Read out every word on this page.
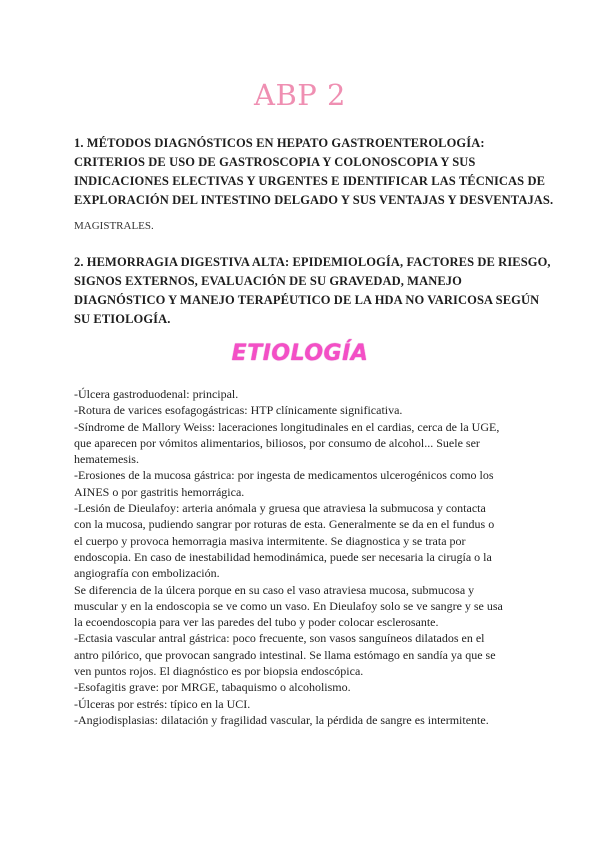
ABP 2

1. MÉTODOS DIAGNÓSTICOS EN HEPATO GASTROENTEROLOGÍA:

CRITERIOS DE USO DE GASTROSCOPIA Y COLONOSCOPIA Y SUS

INDICACIONES ELECTIVAS Y URGENTES E IDENTIFICAR LAS TÉCNICAS DE

EXPLORACIÓN DEL INTESTINO DELGADO Y SUS VENTAJAS Y DESVENTAJAS.

MAGISTRALES.

2. HEMORRAGIA DIGESTIVA ALTA: EPIDEMIOLOGÍA, FACTORES DE RIESGO,

SIGNOS EXTERNOS, EVALUACIÓN DE SU GRAVEDAD, MANEJO

DIAGNÓSTICO Y MANEJO TERAPÉUTICO DE LA HDA NO VARICOSA SEGÚN

SU ETIOLOGÍA.

ETIOLOGÍA

-Úlcera gastroduodenal: principal.

-Rotura de varices esofagogástricas: HTP clínicamente significativa.

-Síndrome de Mallory Weiss: laceraciones longitudinales en el cardias, cerca de la UGE,

que aparecen por vómitos alimentarios, biliosos, por consumo de alcohol... Suele ser

hematemesis.

-Erosiones de la mucosa gástrica: por ingesta de medicamentos ulcerogénicos como los

AINES o por gastritis hemorrágica.

-Lesión de Dieulafoy: arteria anómala y gruesa que atraviesa la submucosa y contacta

con la mucosa, pudiendo sangrar por roturas de esta. Generalmente se da en el fundus o

el cuerpo y provoca hemorragia masiva intermitente. Se diagnostica y se trata por

endoscopia. En caso de inestabilidad hemodinámica, puede ser necesaria la cirugía o la

angiografía con embolización.

Se diferencia de la úlcera porque en su caso el vaso atraviesa mucosa, submucosa y

muscular y en la endoscopia se ve como un vaso. En Dieulafoy solo se ve sangre y se usa

la ecoendoscopia para ver las paredes del tubo y poder colocar esclerosante.

-Ectasia vascular antral gástrica: poco frecuente, son vasos sanguíneos dilatados en el

antro pilórico, que provocan sangrado intestinal. Se llama estómago en sandía ya que se

ven puntos rojos. El diagnóstico es por biopsia endoscópica.

-Esofagitis grave: por MRGE, tabaquismo o alcoholismo.

-Úlceras por estrés: típico en la UCI.

-Angiodisplasias: dilatación y fragilidad vascular, la pérdida de sangre es intermitente.
